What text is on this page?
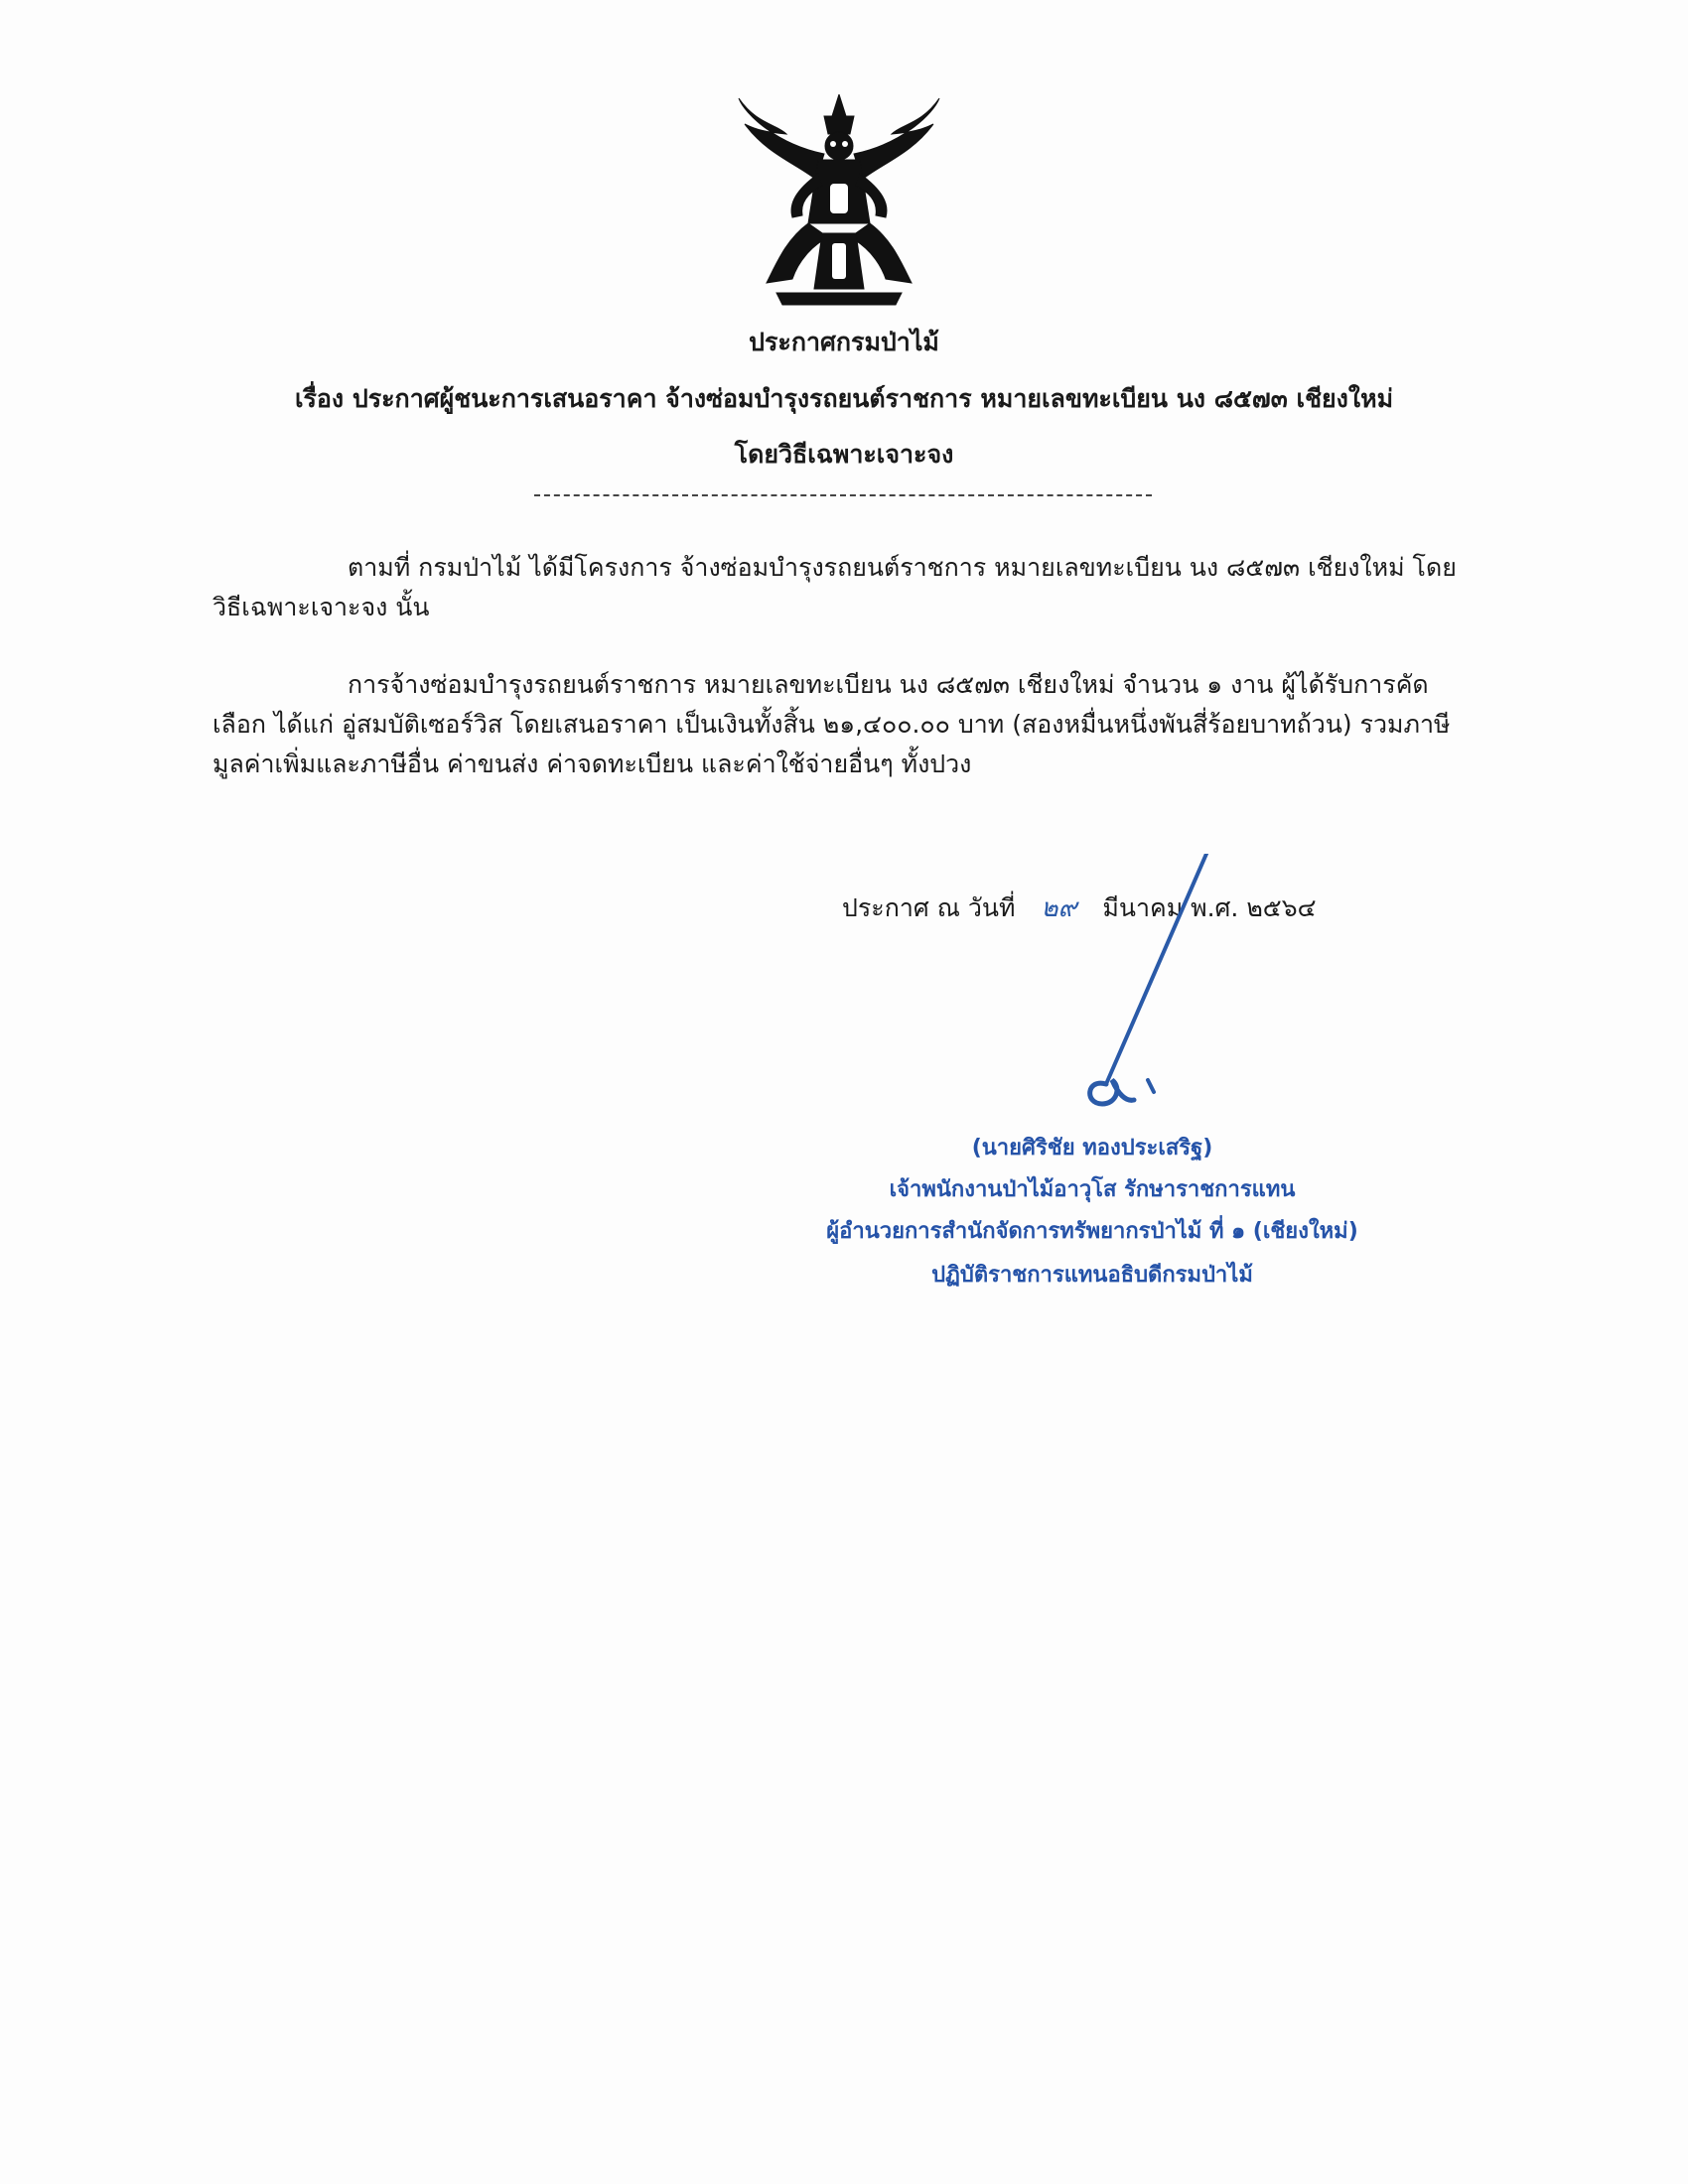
ประกาศกรมป่าไม้
เรื่อง ประกาศผู้ชนะการเสนอราคา จ้างซ่อมบำรุงรถยนต์ราชการ หมายเลขทะเบียน นง ๘๕๗๓ เชียงใหม่
โดยวิธีเฉพาะเจาะจง
ตามที่ กรมป่าไม้ ได้มีโครงการ จ้างซ่อมบำรุงรถยนต์ราชการ หมายเลขทะเบียน นง ๘๕๗๓ เชียงใหม่ โดยวิธีเฉพาะเจาะจง นั้น
การจ้างซ่อมบำรุงรถยนต์ราชการ หมายเลขทะเบียน นง ๘๕๗๓ เชียงใหม่ จำนวน ๑ งาน ผู้ได้รับการคัดเลือก ได้แก่ อู่สมบัติเซอร์วิส โดยเสนอราคา เป็นเงินทั้งสิ้น ๒๑,๔๐๐.๐๐ บาท (สองหมื่นหนึ่งพันสี่ร้อยบาทถ้วน) รวมภาษีมูลค่าเพิ่มและภาษีอื่น ค่าขนส่ง ค่าจดทะเบียน และค่าใช้จ่ายอื่นๆ ทั้งปวง
ประกาศ ณ วันที่ ๒๙ มีนาคม พ.ศ. ๒๕๖๔
(นายศิริชัย ทองประเสริฐ)
เจ้าพนักงานป่าไม้อาวุโส รักษาราชการแทน
ผู้อำนวยการสำนักจัดการทรัพยากรป่าไม้ ที่ ๑ (เชียงใหม่)
ปฏิบัติราชการแทนอธิบดีกรมป่าไม้
